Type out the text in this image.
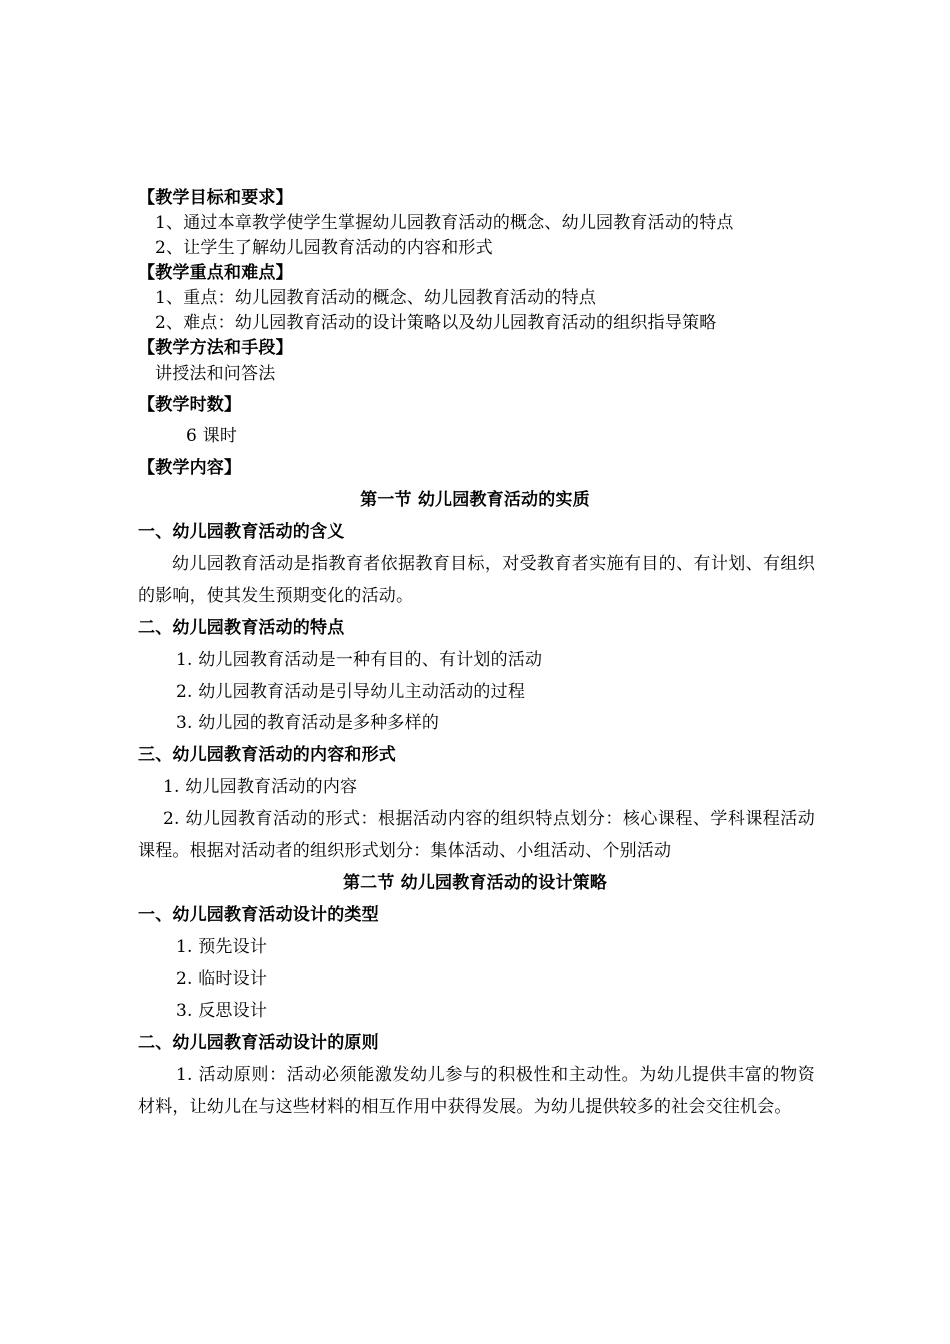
【教学目标和要求】
1、通过本章教学使学生掌握幼儿园教育活动的概念、幼儿园教育活动的特点
2、让学生了解幼儿园教育活动的内容和形式
【教学重点和难点】
1、重点：幼儿园教育活动的概念、幼儿园教育活动的特点
2、难点：幼儿园教育活动的设计策略以及幼儿园教育活动的组织指导策略
【教学方法和手段】
讲授法和问答法
【教学时数】
6 课时
【教学内容】
第一节 幼儿园教育活动的实质
一、幼儿园教育活动的含义
幼儿园教育活动是指教育者依据教育目标，对受教育者实施有目的、有计划、有组织的影响，使其发生预期变化的活动。
二、幼儿园教育活动的特点
1. 幼儿园教育活动是一种有目的、有计划的活动
2. 幼儿园教育活动是引导幼儿主动活动的过程
3. 幼儿园的教育活动是多种多样的
三、幼儿园教育活动的内容和形式
1. 幼儿园教育活动的内容
2. 幼儿园教育活动的形式：根据活动内容的组织特点划分：核心课程、学科课程活动课程。根据对活动者的组织形式划分：集体活动、小组活动、个别活动
第二节 幼儿园教育活动的设计策略
一、幼儿园教育活动设计的类型
1. 预先设计
2. 临时设计
3. 反思设计
二、幼儿园教育活动设计的原则
1. 活动原则：活动必须能激发幼儿参与的积极性和主动性。为幼儿提供丰富的物资材料，让幼儿在与这些材料的相互作用中获得发展。为幼儿提供较多的社会交往机会。
